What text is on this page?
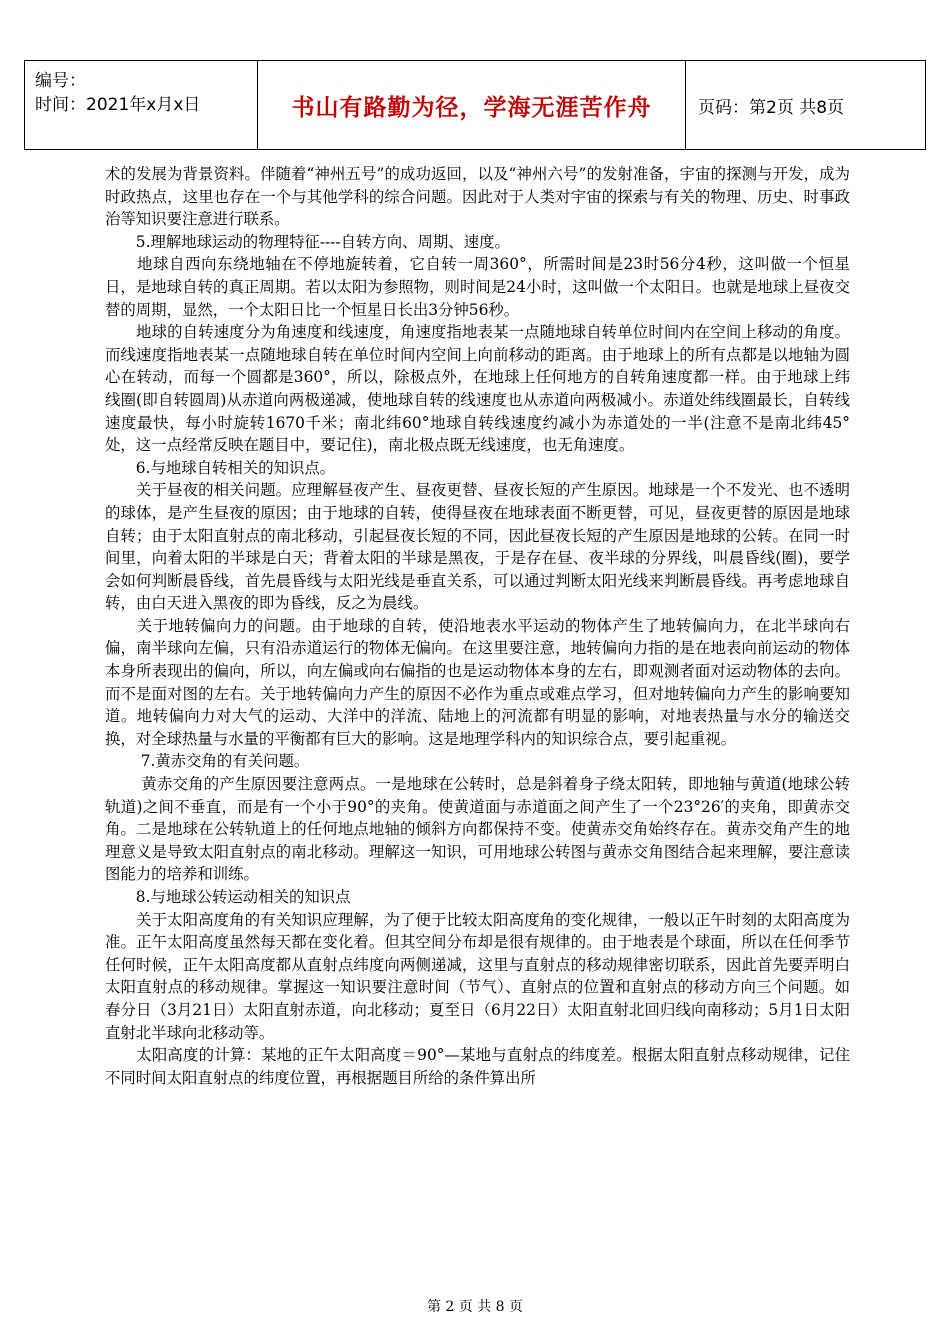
编号：
时间：2021年x月x日	书山有路勤为径，学海无涯苦作舟	页码：第2页 共8页

术的发展为背景资料。伴随着“神州五号”的成功返回，以及“神州六号”的发射准备，宇宙的探测与开发，成为时政热点，这里也存在一个与其他学科的综合问题。因此对于人类对宇宙的探索与有关的物理、历史、时事政治等知识要注意进行联系。

　　5.理解地球运动的物理特征----自转方向、周期、速度。

　　地球自西向东绕地轴在不停地旋转着，它自转一周360°，所需时间是23时56分4秒，这叫做一个恒星日，是地球自转的真正周期。若以太阳为参照物，则时间是24小时，这叫做一个太阳日。也就是地球上昼夜交替的周期，显然，一个太阳日比一个恒星日长出3分钟56秒。

　　地球的自转速度分为角速度和线速度，角速度指地表某一点随地球自转单位时间内在空间上移动的角度。而线速度指地表某一点随地球自转在单位时间内空间上向前移动的距离。由于地球上的所有点都是以地轴为圆心在转动，而每一个圆都是360°，所以，除极点外，在地球上任何地方的自转角速度都一样。由于地球上纬线圈(即自转圆周)从赤道向两极递减，使地球自转的线速度也从赤道向两极减小。赤道处纬线圈最长，自转线速度最快，每小时旋转1670千米；南北纬60°地球自转线速度约减小为赤道处的一半(注意不是南北纬45°处，这一点经常反映在题目中，要记住)，南北极点既无线速度，也无角速度。

　　6.与地球自转相关的知识点。

　　关于昼夜的相关问题。应理解昼夜产生、昼夜更替、昼夜长短的产生原因。地球是一个不发光、也不透明的球体，是产生昼夜的原因；由于地球的自转，使得昼夜在地球表面不断更替，可见，昼夜更替的原因是地球自转；由于太阳直射点的南北移动，引起昼夜长短的不同，因此昼夜长短的产生原因是地球的公转。在同一时间里，向着太阳的半球是白天；背着太阳的半球是黑夜，于是存在昼、夜半球的分界线，叫晨昏线(圈)，要学会如何判断晨昏线，首先晨昏线与太阳光线是垂直关系，可以通过判断太阳光线来判断晨昏线。再考虑地球自转，由白天进入黑夜的即为昏线，反之为晨线。

　　关于地转偏向力的问题。由于地球的自转，使沿地表水平运动的物体产生了地转偏向力，在北半球向右偏，南半球向左偏，只有沿赤道运行的物体无偏向。在这里要注意，地转偏向力指的是在地表向前运动的物体本身所表现出的偏向，所以，向左偏或向右偏指的也是运动物体本身的左右，即观测者面对运动物体的去向。而不是面对图的左右。关于地转偏向力产生的原因不必作为重点或难点学习，但对地转偏向力产生的影响要知道。地转偏向力对大气的运动、大洋中的洋流、陆地上的河流都有明显的影响，对地表热量与水分的输送交换，对全球热量与水量的平衡都有巨大的影响。这是地理学科内的知识综合点，要引起重视。

　　 7.黄赤交角的有关问题。

　　 黄赤交角的产生原因要注意两点。一是地球在公转时，总是斜着身子绕太阳转，即地轴与黄道(地球公转轨道)之间不垂直，而是有一个小于90°的夹角。使黄道面与赤道面之间产生了一个23°26′的夹角，即黄赤交角。二是地球在公转轨道上的任何地点地轴的倾斜方向都保持不变。使黄赤交角始终存在。黄赤交角产生的地理意义是导致太阳直射点的南北移动。理解这一知识，可用地球公转图与黄赤交角图结合起来理解，要注意读图能力的培养和训练。

　　8.与地球公转运动相关的知识点

　　关于太阳高度角的有关知识应理解，为了便于比较太阳高度角的变化规律，一般以正午时刻的太阳高度为准。正午太阳高度虽然每天都在变化着。但其空间分布却是很有规律的。由于地表是个球面，所以在任何季节任何时候，正午太阳高度都从直射点纬度向两侧递减，这里与直射点的移动规律密切联系，因此首先要弄明白太阳直射点的移动规律。掌握这一知识要注意时间（节气）、直射点的位置和直射点的移动方向三个问题。如春分日（3月21日）太阳直射赤道，向北移动；夏至日（6月22日）太阳直射北回归线向南移动；5月1日太阳直射北半球向北移动等。

　　太阳高度的计算：某地的正午太阳高度＝90°—某地与直射点的纬度差。根据太阳直射点移动规律，记住不同时间太阳直射点的纬度位置，再根据题目所给的条件算出所

第 2 页 共 8 页
